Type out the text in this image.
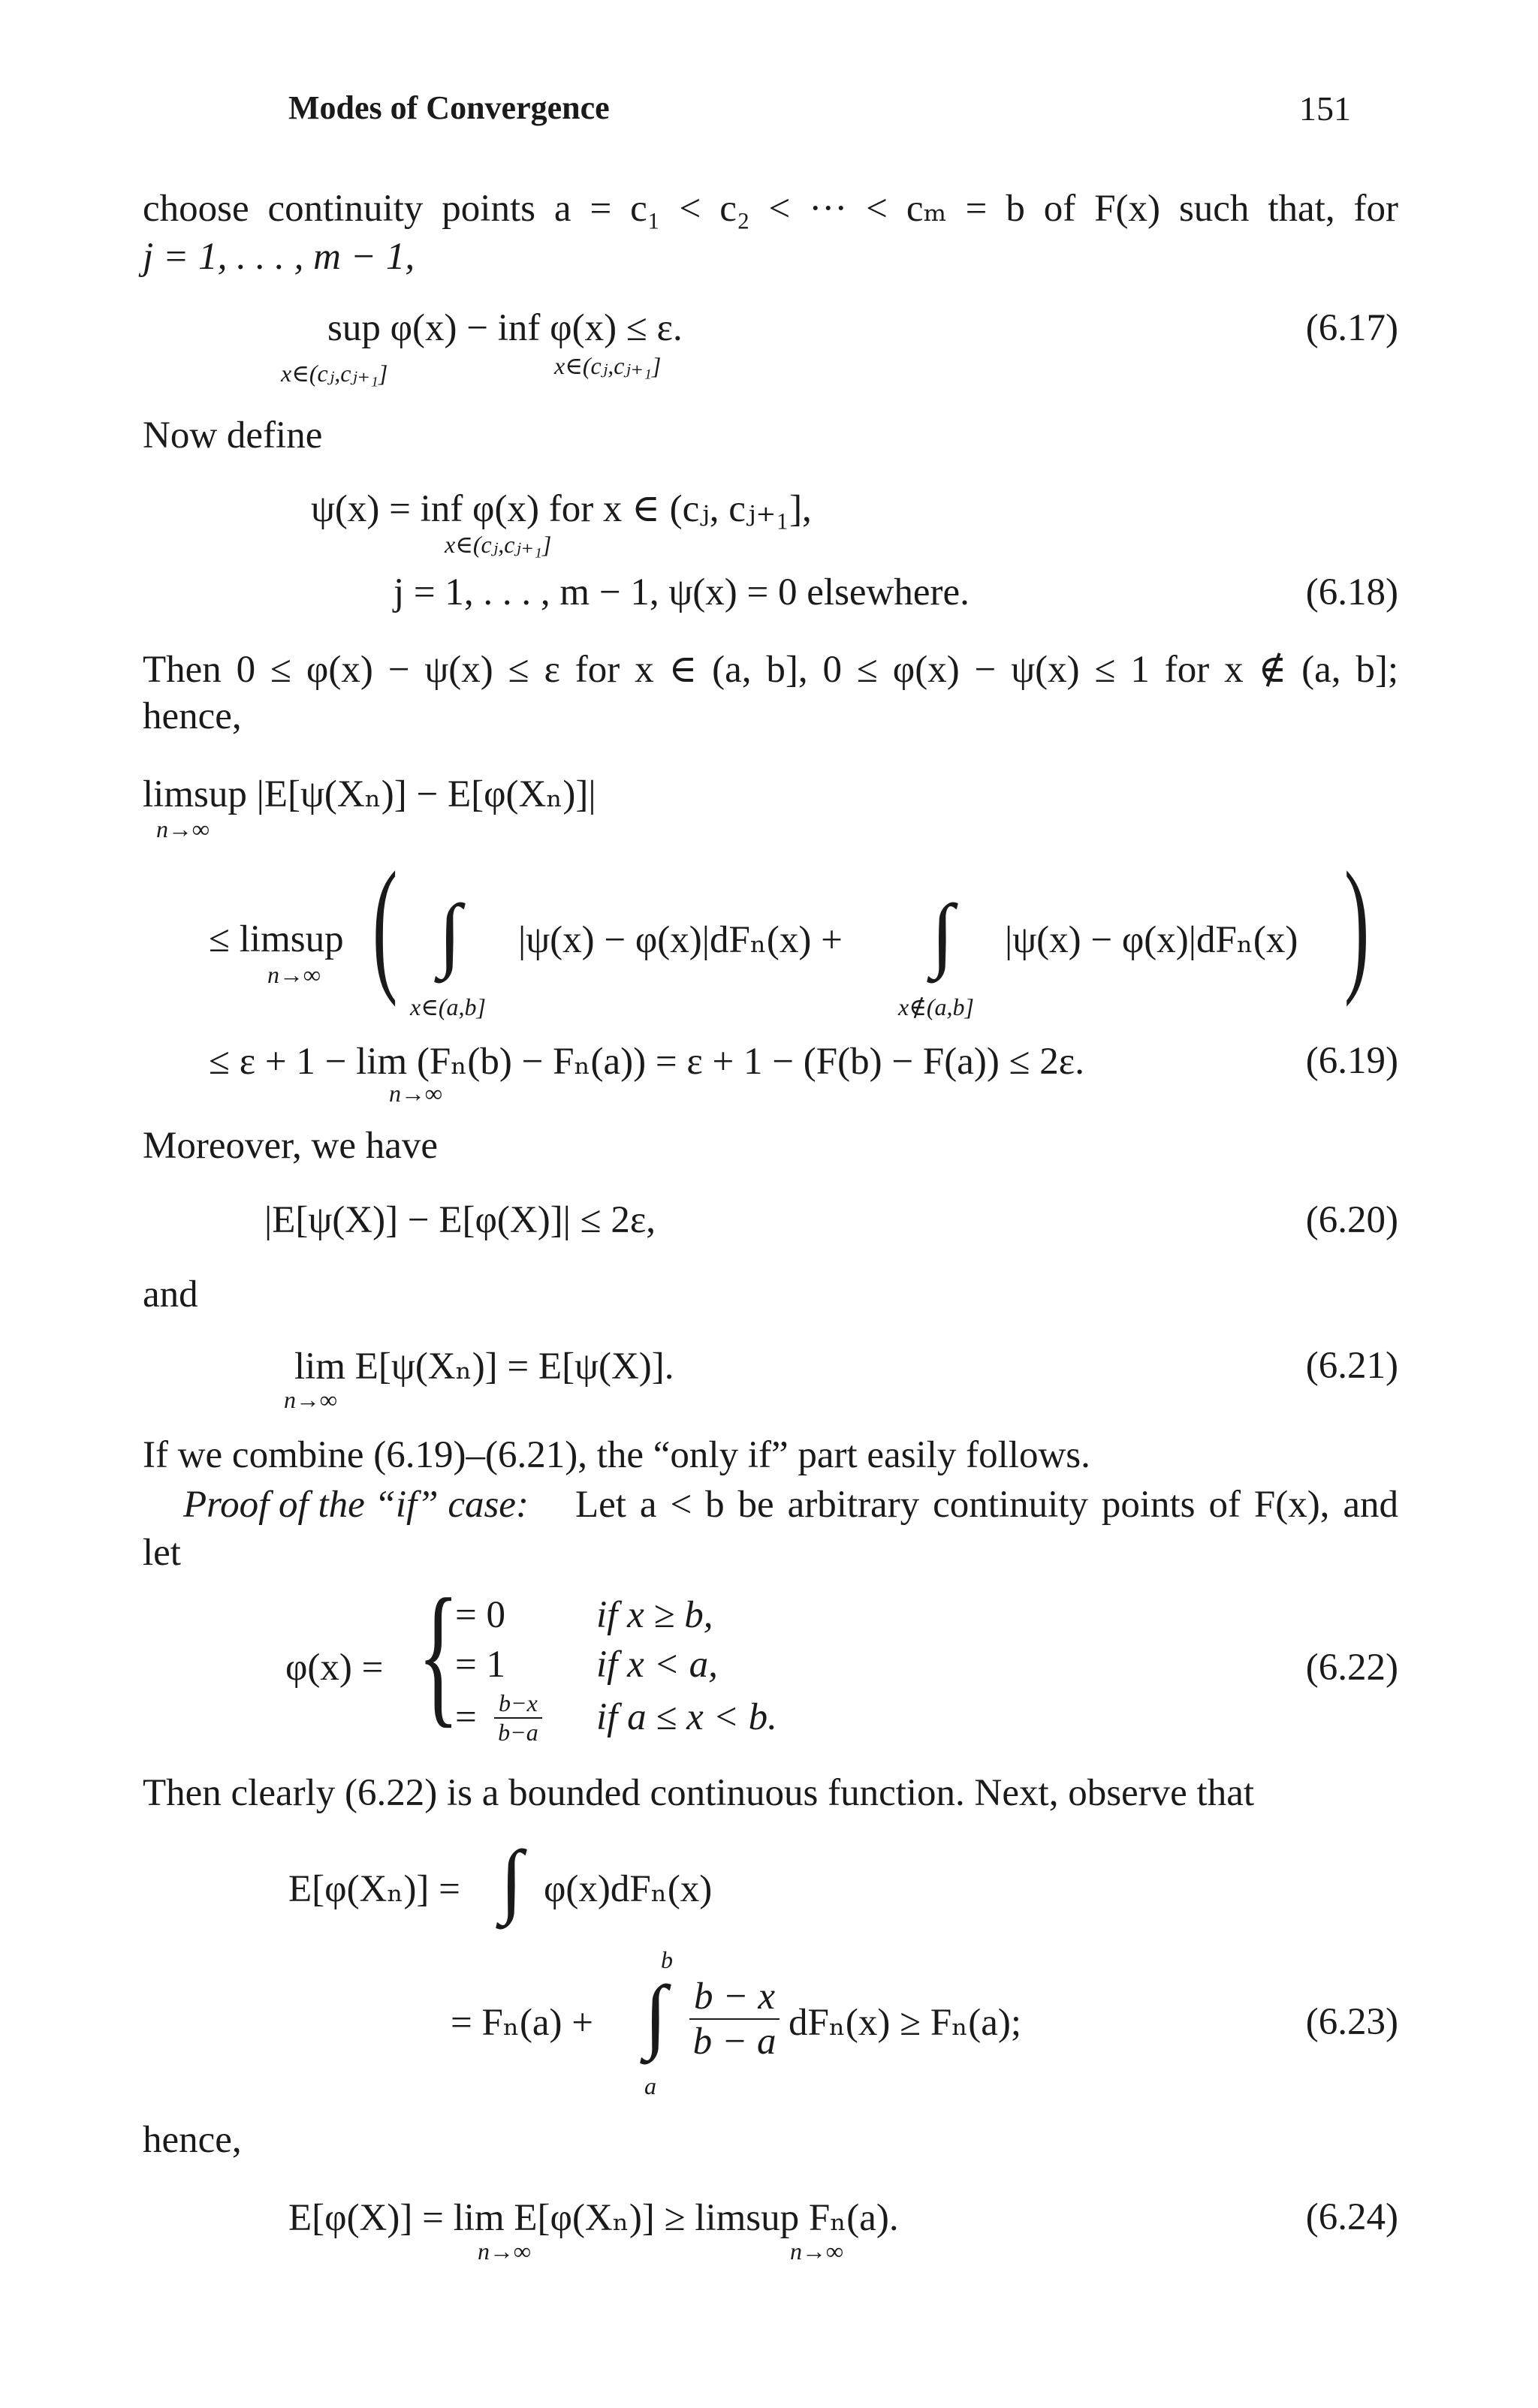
Modes of Convergence	151
choose continuity points a = c₁ < c₂ < ··· < cₘ = b of F(x) such that, for
j = 1, . . . , m − 1,
sup φ(x) − inf φ(x) ≤ ε.
x∈(cⱼ,cⱼ₊₁]	x∈(cⱼ,cⱼ₊₁]
(6.17)
Now define
ψ(x) = inf φ(x) for x ∈ (cⱼ, cⱼ₊₁],
x∈(cⱼ,cⱼ₊₁]
j = 1, . . . , m − 1, ψ(x) = 0 elsewhere.	(6.18)
Then 0 ≤ φ(x) − ψ(x) ≤ ε for x ∈ (a, b], 0 ≤ φ(x) − ψ(x) ≤ 1 for x ∉ (a, b];
hence,
limsup |E[ψ(Xₙ)] − E[φ(Xₙ)]|
n→∞
≤ limsup
n→∞ ( ∫
x∈(a,b]
|ψ(x) − φ(x)|dFₙ(x) + ∫
x∉(a,b]
|ψ(x) − φ(x)|dFₙ(x) )
≤ ε + 1 − lim (Fₙ(b) − Fₙ(a)) = ε + 1 − (F(b) − F(a)) ≤ 2ε.
n→∞
(6.19)
Moreover, we have
|E[ψ(X)] − E[φ(X)]| ≤ 2ε,	(6.20)
and
lim E[ψ(Xₙ)] = E[ψ(X)].
n→∞
(6.21)
If we combine (6.19)–(6.21), the “only if” part easily follows.
Proof of the “if” case: Let a < b be arbitrary continuity points of F(x), and
let
φ(x) = {
= 0 if x ≥ b,
= 1 if x < a,
= $\frac{b-x}{b-a}$ if a ≤ x < b.
(6.22)
Then clearly (6.22) is a bounded continuous function. Next, observe that
E[φ(Xₙ)] = ∫ φ(x)dFₙ(x)
= Fₙ(a) +
b
∫
a
$\frac{b - x}{b - a} dF_n(x) \ge F_n(a)$;	(6.23)
hence,
E[φ(X)] = lim E[φ(Xₙ)] ≥ limsup Fₙ(a).
n→∞	n→∞
(6.24)
